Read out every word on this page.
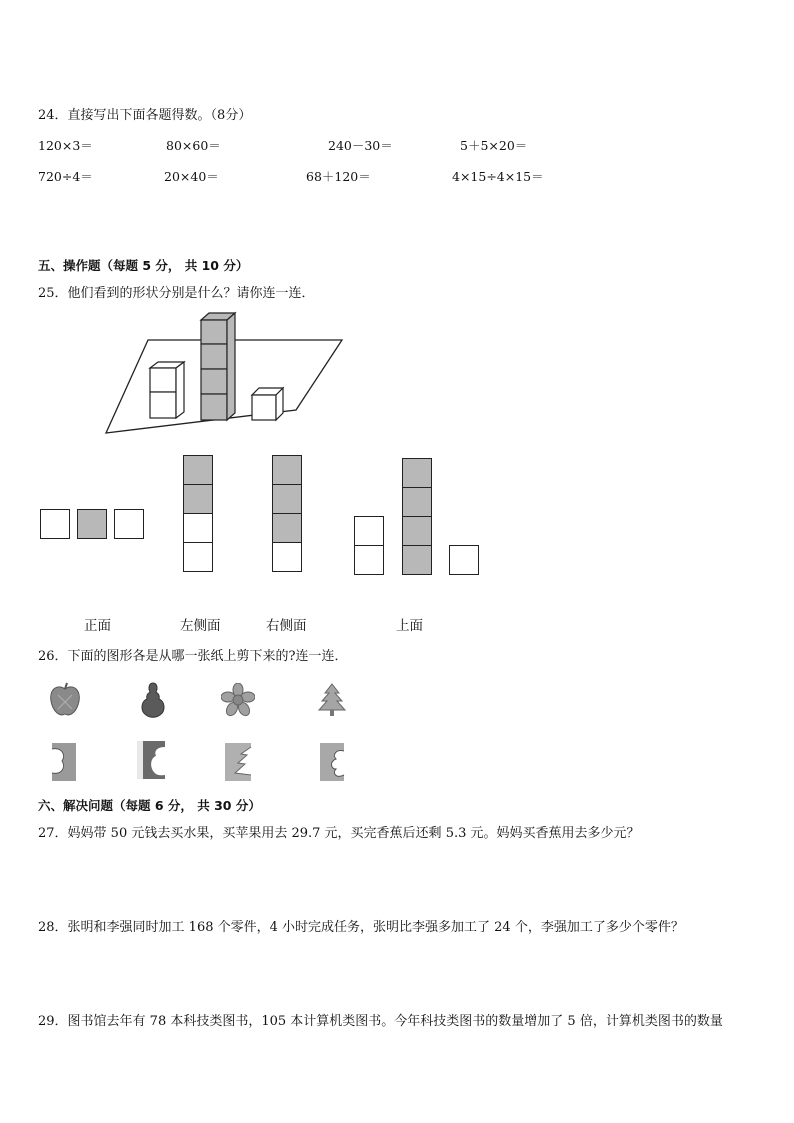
24．直接写出下面各题得数。（8分）
120×3＝	80×60＝	240－30＝	5＋5×20＝
720÷4＝	20×40＝	68＋120＝	4×15÷4×15＝
五、操作题（每题 5 分， 共 10 分）
25．他们看到的形状分别是什么？请你连一连．
正面	左侧面	右侧面	上面
26．下面的图形各是从哪一张纸上剪下来的?连一连．
六、解决问题（每题 6 分， 共 30 分）
27．妈妈带 50 元钱去买水果，买苹果用去 29.7 元，买完香蕉后还剩 5.3 元。妈妈买香蕉用去多少元？
28．张明和李强同时加工 168 个零件，4 小时完成任务，张明比李强多加工了 24 个，李强加工了多少个零件？
29．图书馆去年有 78 本科技类图书，105 本计算机类图书。今年科技类图书的数量增加了 5 倍，计算机类图书的数量
